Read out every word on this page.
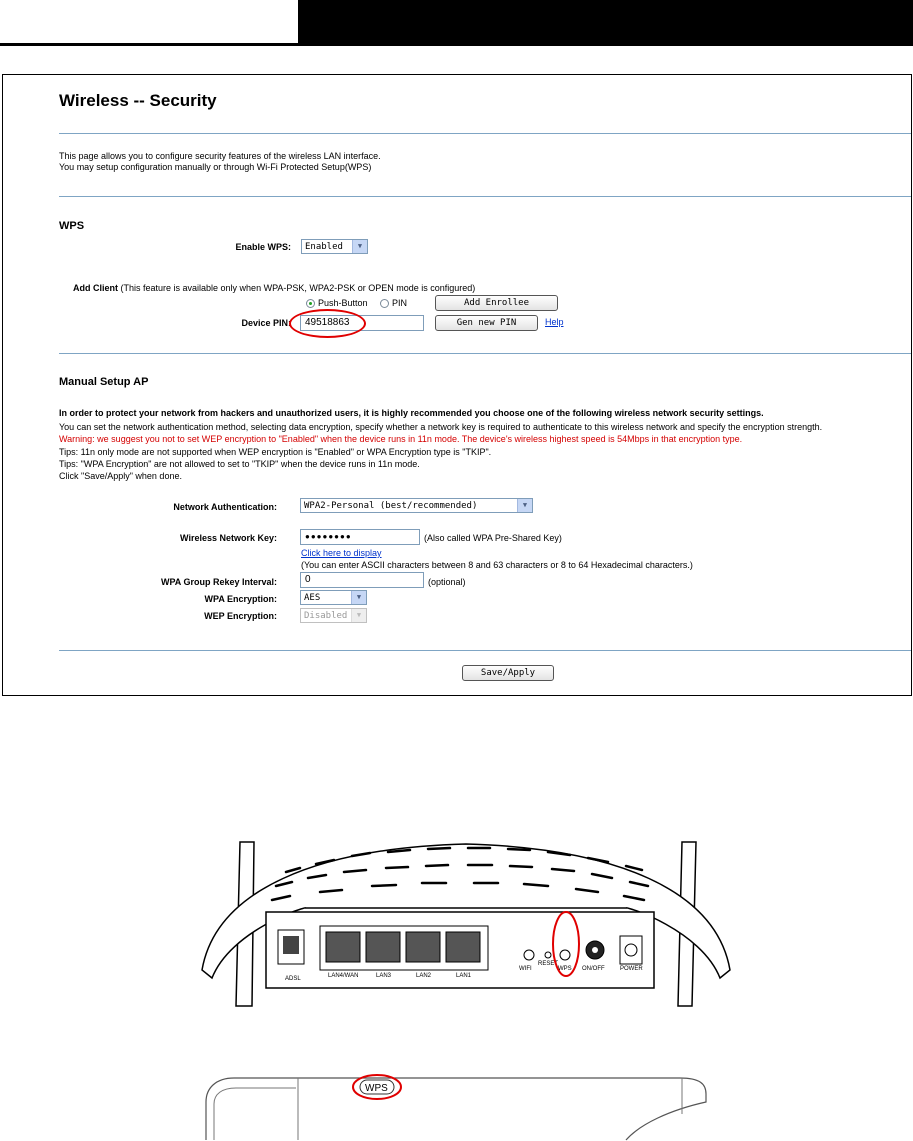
Wireless -- Security
This page allows you to configure security features of the wireless LAN interface.
You may setup configuration manually or through Wi-Fi Protected Setup(WPS)
WPS
Enable WPS:	Enabled	▼
Add Client (This feature is available only when WPA-PSK, WPA2-PSK or OPEN mode is configured)
Push-Button	PIN	Add Enrollee
Device PIN:	49518863	Gen new PIN	Help
Manual Setup AP
In order to protect your network from hackers and unauthorized users, it is highly recommended you choose one of the following wireless network security settings.
You can set the network authentication method, selecting data encryption, specify whether a network key is required to authenticate to this wireless network and specify the encryption strength.
Warning: we suggest you not to set WEP encryption to "Enabled" when the device runs in 11n mode. The device's wireless highest speed is 54Mbps in that encryption type.
Tips: 11n only mode are not supported when WEP encryption is "Enabled" or WPA Encryption type is "TKIP".
Tips: "WPA Encryption" are not allowed to set to "TKIP" when the device runs in 11n mode.
Click "Save/Apply" when done.
Network Authentication:	WPA2-Personal (best/recommended)	▼
Wireless Network Key:	●●●●●●●●	(Also called WPA Pre-Shared Key)
Click here to display
(You can enter ASCII characters between 8 and 63 characters or 8 to 64 Hexadecimal characters.)
WPA Group Rekey Interval:	0	(optional)
WPA Encryption:	AES	▼
WEP Encryption:	Disabled	▼
Save/Apply
ADSL	LAN4/WAN	LAN3	LAN2	LAN1
WIFI
RESET
WPS ON/OFF	POWER
WPS
